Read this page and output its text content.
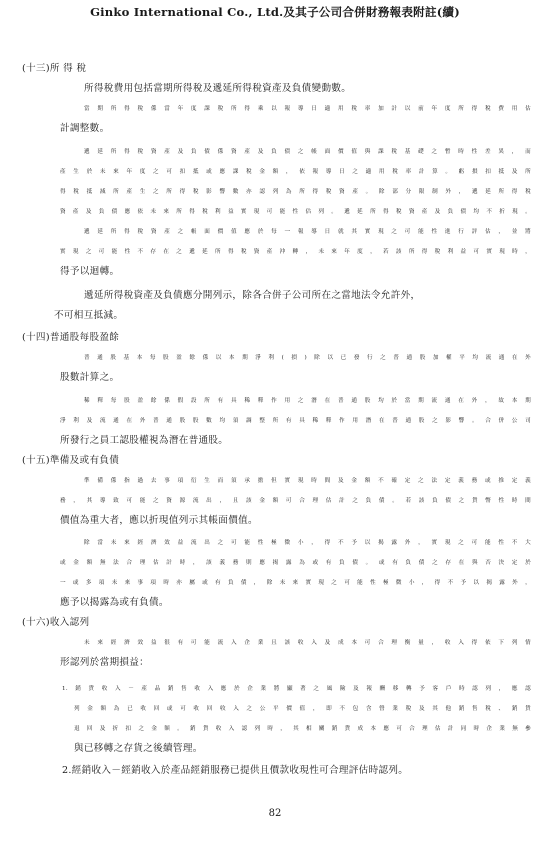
Ginko International Co., Ltd.及其子公司合併財務報表附註(續)
(十三)所 得 稅
所得稅費用包括當期所得稅及遞延所得稅資產及負債變動數。
當期所得稅係當年度課稅所得乘以報導日適用稅率加計以前年度所得稅費用估
計調整數。
遞延所得稅資產及負債係資產及負債之帳面價值與課稅基礎之暫時性差異，而
產生於未來年度之可扣抵或應課稅金額，依報導日之適用稅率計算。虧損扣抵及所
得稅抵減所產生之所得稅影響數亦認列為所得稅資產。除部分限制外，遞延所得稅
資產及負債應依未來所得稅利益實現可能性估列。遞延所得稅資產及負債均不折現。
遞延所得稅資產之帳面價值應於每一報導日就其實現之可能性進行評估，並將
實現之可能性不存在之遞延所得稅資產沖轉，未來年度，若該所得稅利益可實現時，
得予以迴轉。
遞延所得稅資產及負債應分開列示，除各合併子公司所在之當地法令允許外，
不可相互抵減。
(十四)普通股每股盈餘
普通股基本每股盈餘係以本期淨利(損)除以已發行之普通股加權平均流通在外
股數計算之。
稀釋每股盈餘係假設所有具稀釋作用之潛在普通股均於當期流通在外，故本期
淨利及流通在外普通股股數均須調整所有具稀釋作用潛在普通股之影響。合併公司
所發行之員工認股權視為潛在普通股。
(十五)準備及或有負債
準備係指過去事項衍生而須承擔但實現時間及金額不確定之法定義務或推定義
務，其導致可能之資源流出，且該金額可合理估計之負債。若該負債之貨幣性時間
價值為重大者，應以折現值列示其帳面價值。
除當未來經濟效益流出之可能性極微小，得不予以揭露外，實現之可能性不大
或金額無法合理估計時，該義務則應揭露為或有負債。或有負債之存在與否決定於
一或多項未來事項時亦屬或有負債，除未來實現之可能性極微小，得不予以揭露外，
應予以揭露為或有負債。
(十六)收入認列
未來經濟效益很有可能流入企業且該收入及成本可合理衡量，收入得依下列情
形認列於當期損益：
1.銷貨收入－產品銷售收入應於企業將顯著之風險及報酬移轉予客戶時認列，應認
列金額為已收回或可收回收入之公平價值，即不包含營業稅及其他銷售稅、銷貨
退回及折扣之金額。銷貨收入認列時，其相關銷貨成本應可合理估計同時企業無參
與已移轉之存貨之後續管理。
2.經銷收入－經銷收入於產品經銷服務已提供且價款收現性可合理評估時認列。
82
